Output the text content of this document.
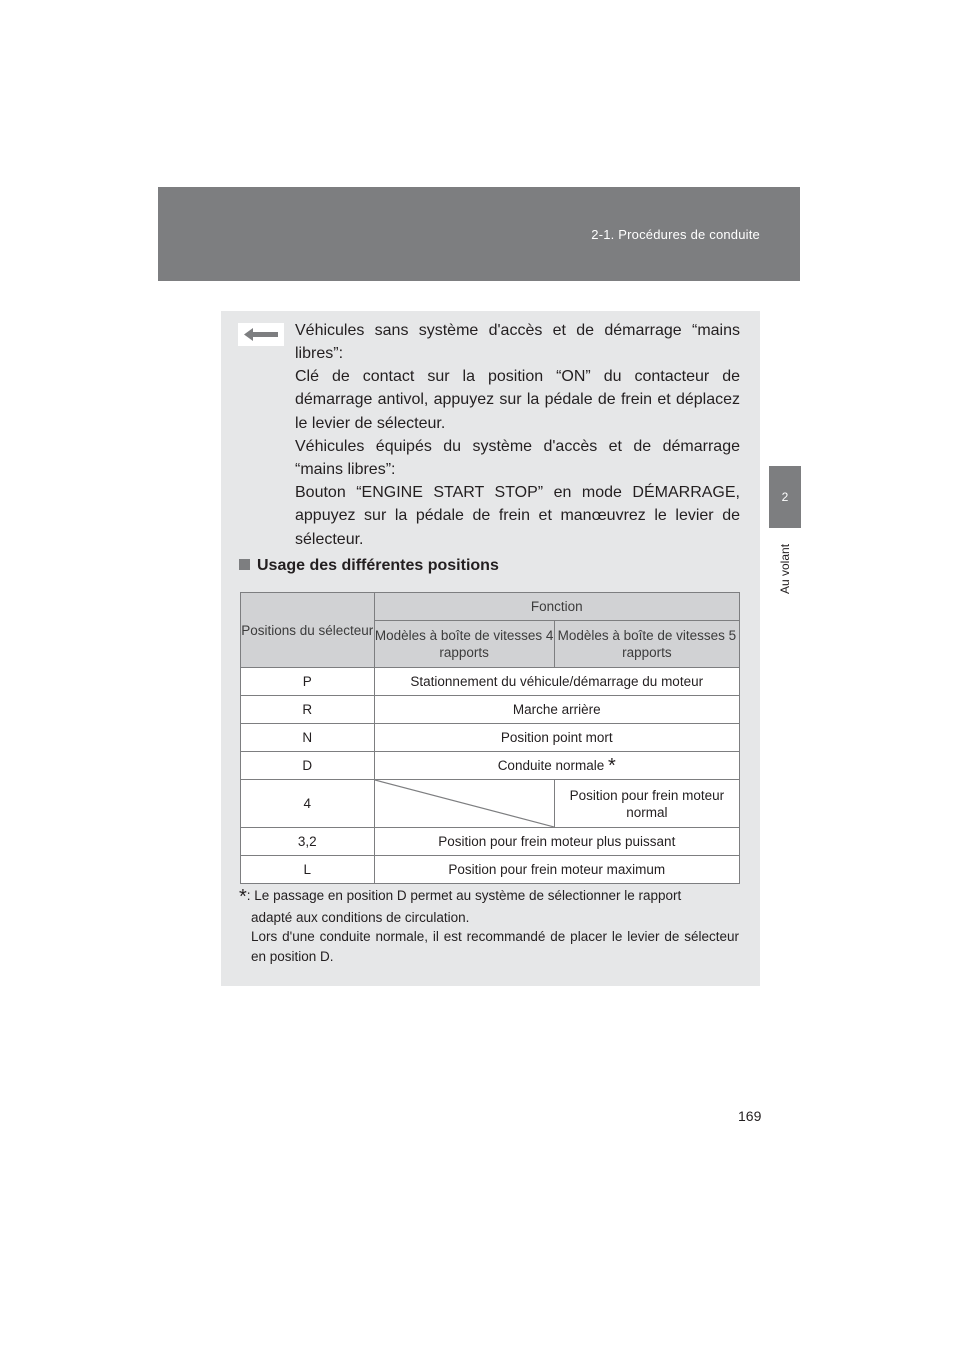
2-1. Procédures de conduite
2
Au volant
Véhicules sans système d'accès et de démarrage “mains libres”:
Clé de contact sur la position “ON” du contacteur de démarrage antivol, appuyez sur la pédale de frein et déplacez le levier de sélecteur.
Véhicules équipés du système d'accès et de démarrage “mains libres”:
Bouton “ENGINE START STOP” en mode DÉMARRAGE, appuyez sur la pédale de frein et manœuvrez le levier de sélecteur.
Usage des différentes positions
Positions du sélecteur	Fonction	
	Modèles à boîte de vitesses 4 rapports	Modèles à boîte de vitesses 5 rapports
P	Stationnement du véhicule/démarrage du moteur	
R	Marche arrière	
N	Position point mort	
D	Conduite normale *	
4		Position pour frein moteur normal
3,2	Position pour frein moteur plus puissant	
L	Position pour frein moteur maximum	
*: Le passage en position D permet au système de sélectionner le rapport
adapté aux conditions de circulation.
Lors d'une conduite normale, il est recommandé de placer le levier de sélecteur en position D.
169
